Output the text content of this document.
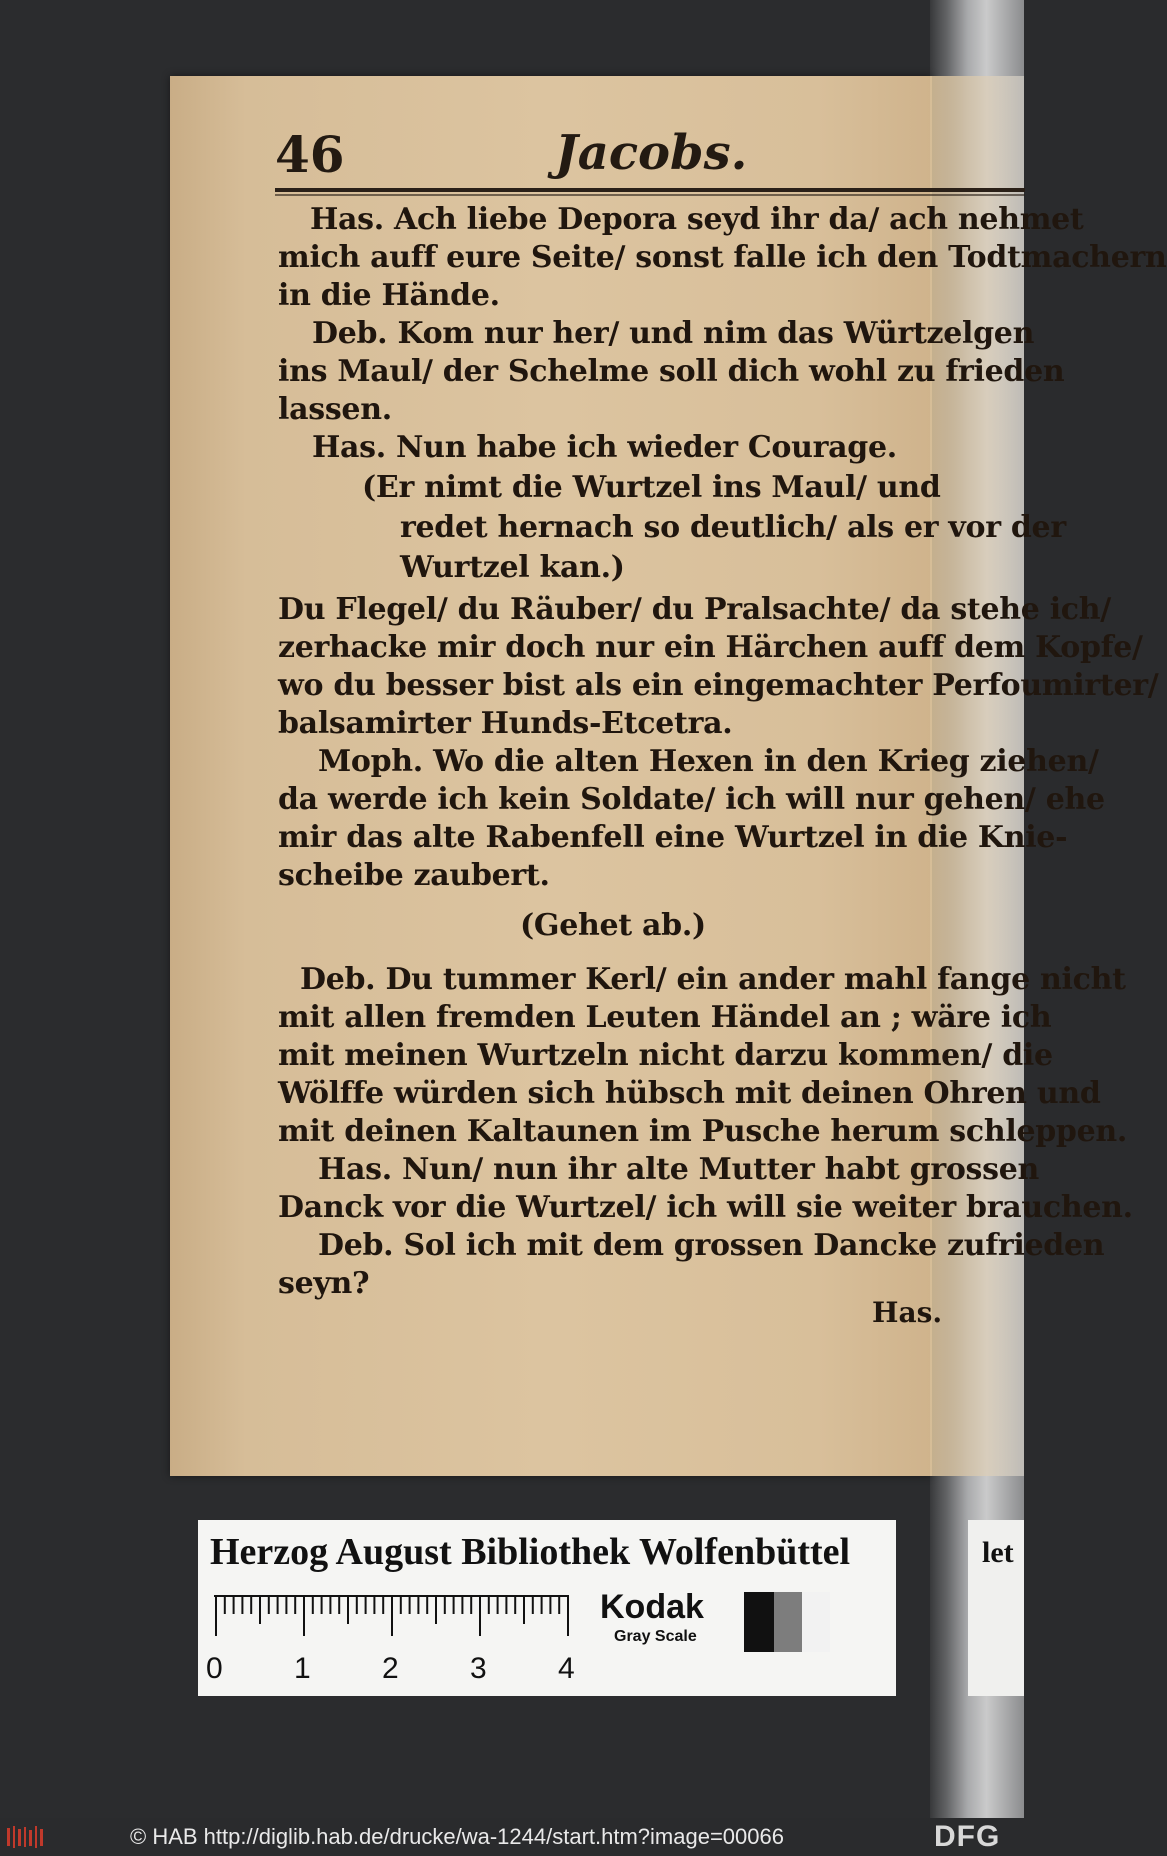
46	Jacobs.
Has. Ach liebe Depora seyd ihr da/ ach nehmet
mich auff eure Seite/ sonst falle ich den Todtmachern
in die Hände.
Deb. Kom nur her/ und nim das Würtzelgen
ins Maul/ der Schelme soll dich wohl zu frieden
lassen.
Has. Nun habe ich wieder Courage.
(Er nimt die Wurtzel ins Maul/ und
redet hernach so deutlich/ als er vor der
Wurtzel kan.)
Du Flegel/ du Räuber/ du Pralsachte/ da stehe ich/
zerhacke mir doch nur ein Härchen auff dem Kopfe/
wo du besser bist als ein eingemachter Perfoumirter/
balsamirter Hunds-Etcetra.
Moph. Wo die alten Hexen in den Krieg ziehen/
da werde ich kein Soldate/ ich will nur gehen/ ehe
mir das alte Rabenfell eine Wurtzel in die Knie-
scheibe zaubert.
(Gehet ab.)
Deb. Du tummer Kerl/ ein ander mahl fange nicht
mit allen fremden Leuten Händel an ; wäre ich
mit meinen Wurtzeln nicht darzu kommen/ die
Wölffe würden sich hübsch mit deinen Ohren und
mit deinen Kaltaunen im Pusche herum schleppen.
Has. Nun/ nun ihr alte Mutter habt grossen
Danck vor die Wurtzel/ ich will sie weiter brauchen.
Deb. Sol ich mit dem grossen Dancke zufrieden
seyn?
Has.
Herzog August Bibliothek Wolfenbüttel
0 1 2 3 4
Kodak
Gray Scale
let
© HAB http://diglib.hab.de/drucke/wa-1244/start.htm?image=00066	DFG
